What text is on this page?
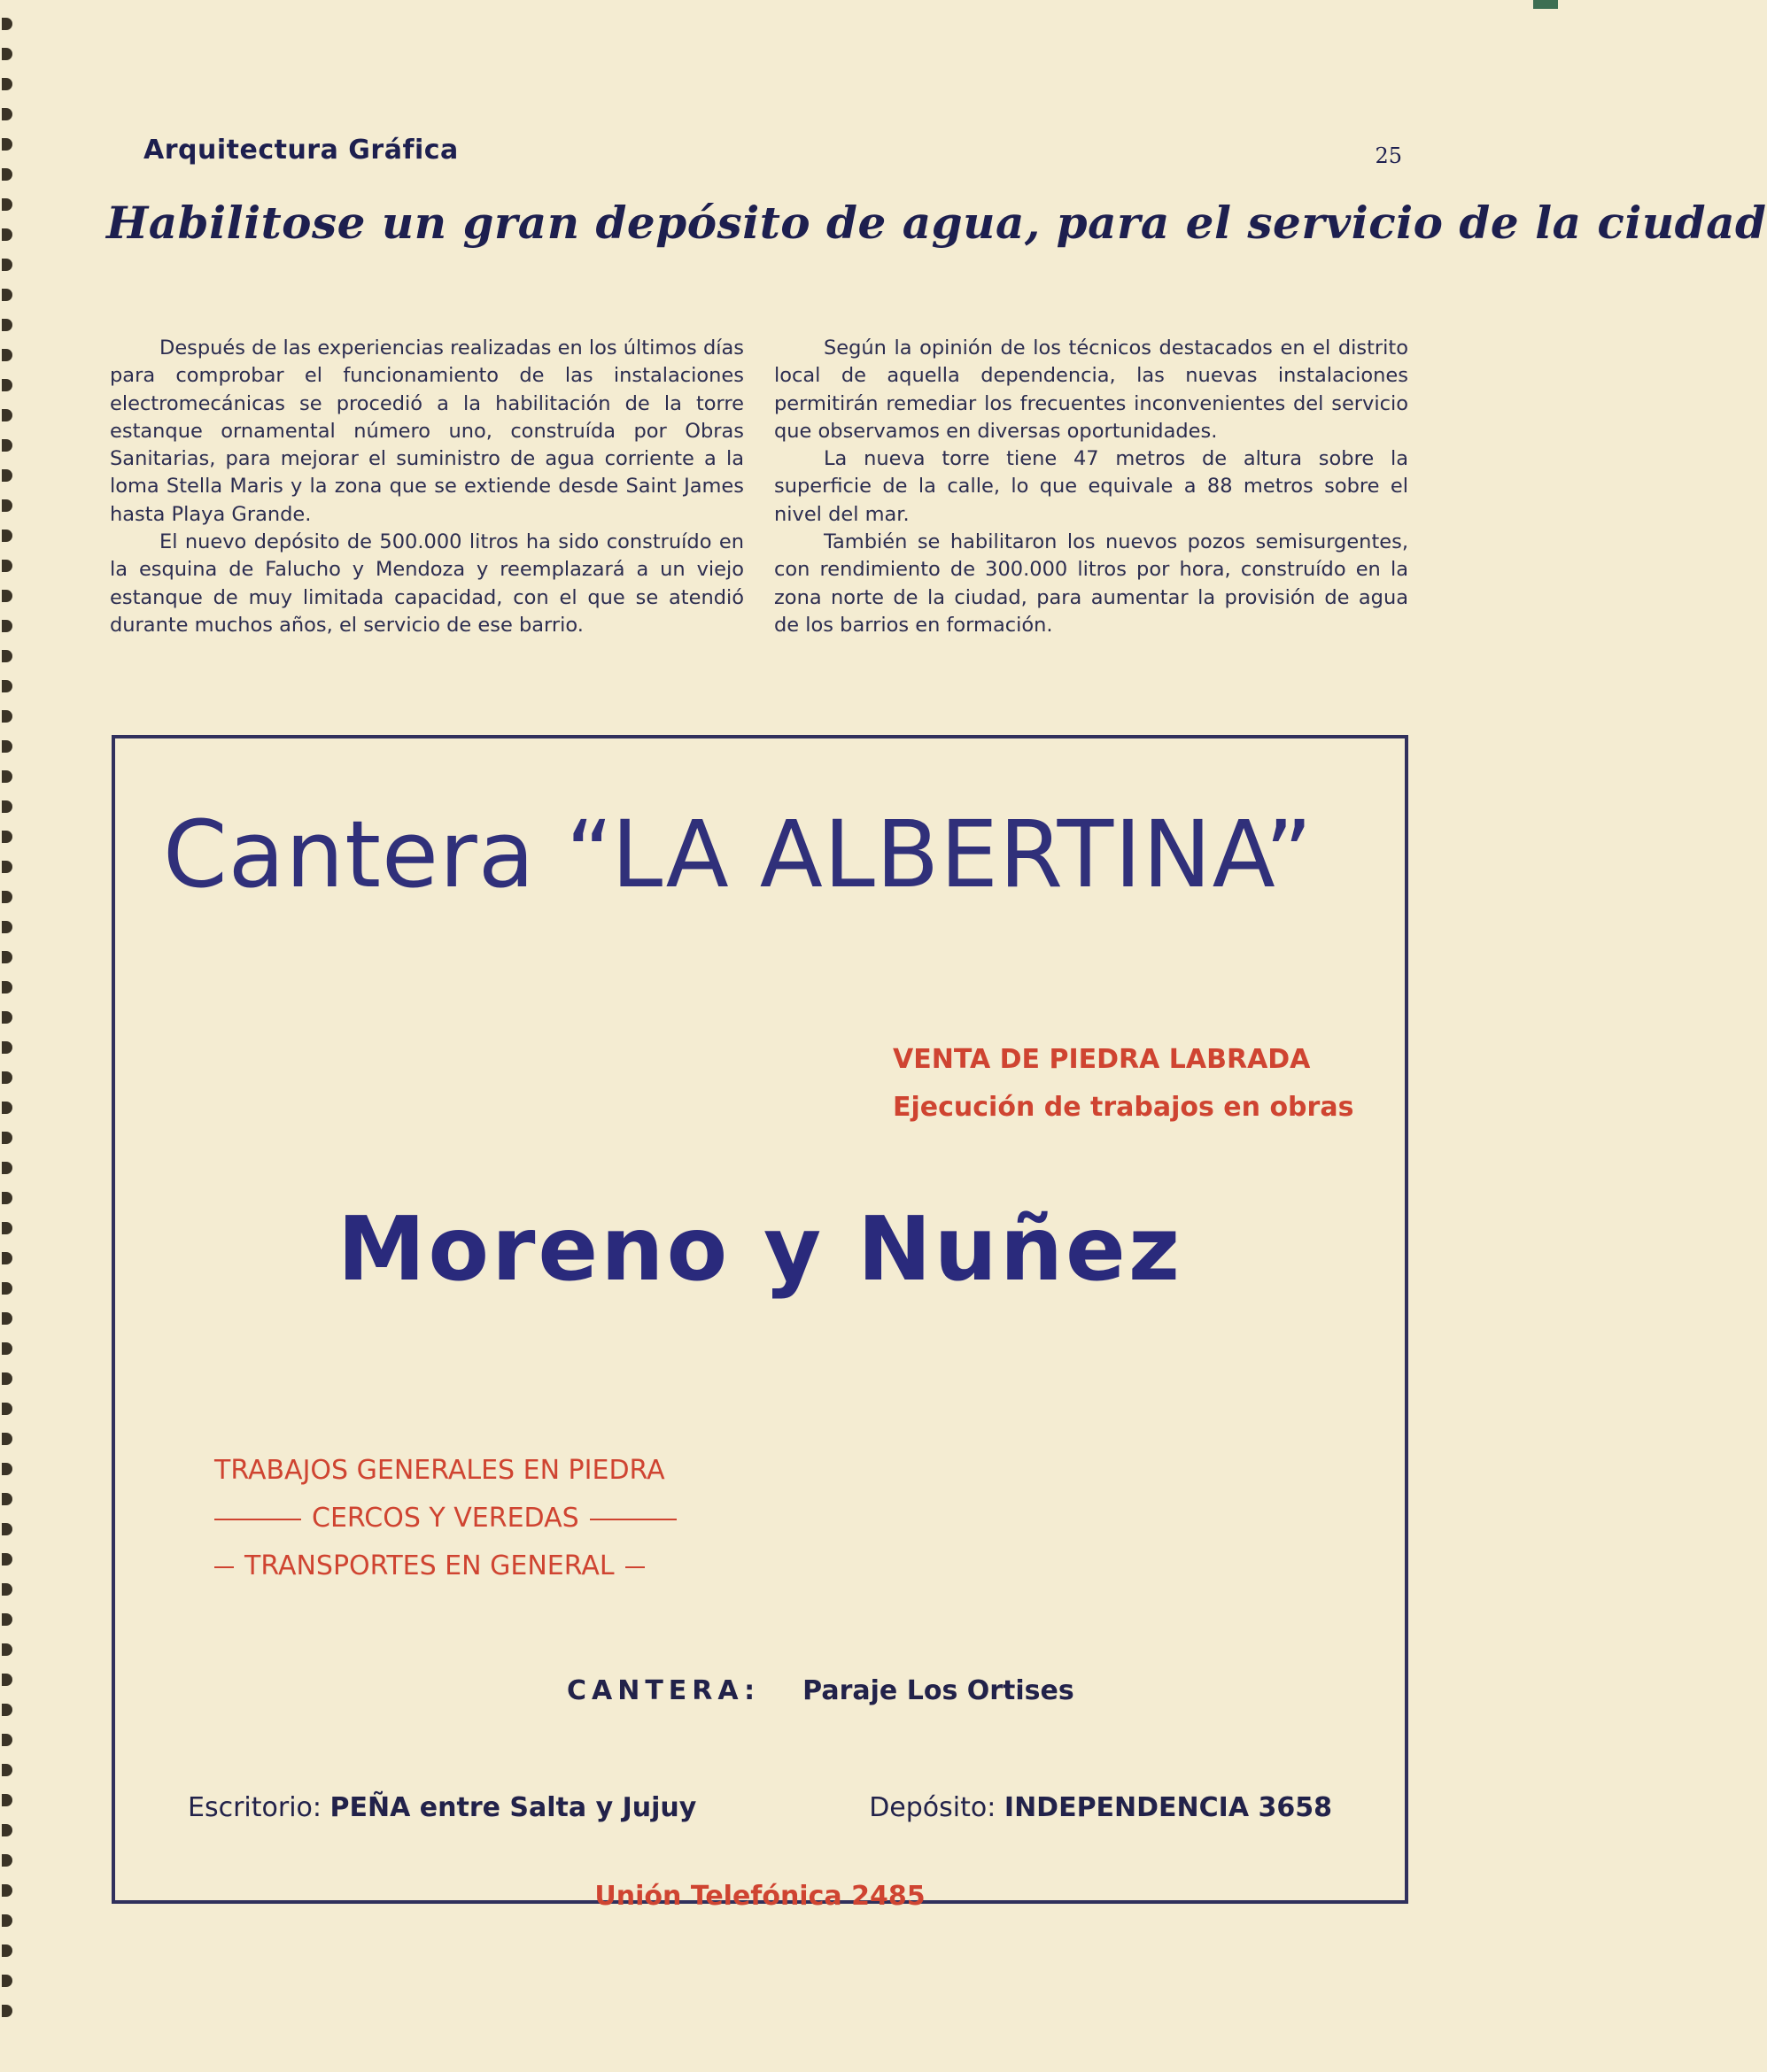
Arquitectura Gráfica	25
Habilitose un gran depósito de agua, para el servicio de la ciudad

Después de las experiencias realizadas en los últimos días para comprobar el funcionamiento de las instalaciones electromecánicas se procedió a la habilitación de la torre estanque ornamental número uno, construída por Obras Sanitarias, para mejorar el suministro de agua corriente a la loma Stella Maris y la zona que se extiende desde Saint James hasta Playa Grande.

El nuevo depósito de 500.000 litros ha sido construído en la esquina de Falucho y Mendoza y reemplazará a un viejo estanque de muy limitada capacidad, con el que se atendió durante muchos años, el servicio de ese barrio.

Según la opinión de los técnicos destacados en el distrito local de aquella dependencia, las nuevas instalaciones permitirán remediar los frecuentes inconvenientes del servicio que observamos en diversas oportunidades.

La nueva torre tiene 47 metros de altura sobre la superficie de la calle, lo que equivale a 88 metros sobre el nivel del mar.

También se habilitaron los nuevos pozos semisurgentes, con rendimiento de 300.000 litros por hora, construído en la zona norte de la ciudad, para aumentar la provisión de agua de los barrios en formación.

Cantera “LA ALBERTINA”
VENTA DE PIEDRA LABRADA
Ejecución de trabajos en obras
Moreno y Nuñez
TRABAJOS GENERALES EN PIEDRA
CERCOS Y VEREDAS
TRANSPORTES EN GENERAL
CANTERA: Paraje Los Ortises
Escritorio: PEÑA entre Salta y Jujuy	Depósito: INDEPENDENCIA 3658
Unión Telefónica 2485
